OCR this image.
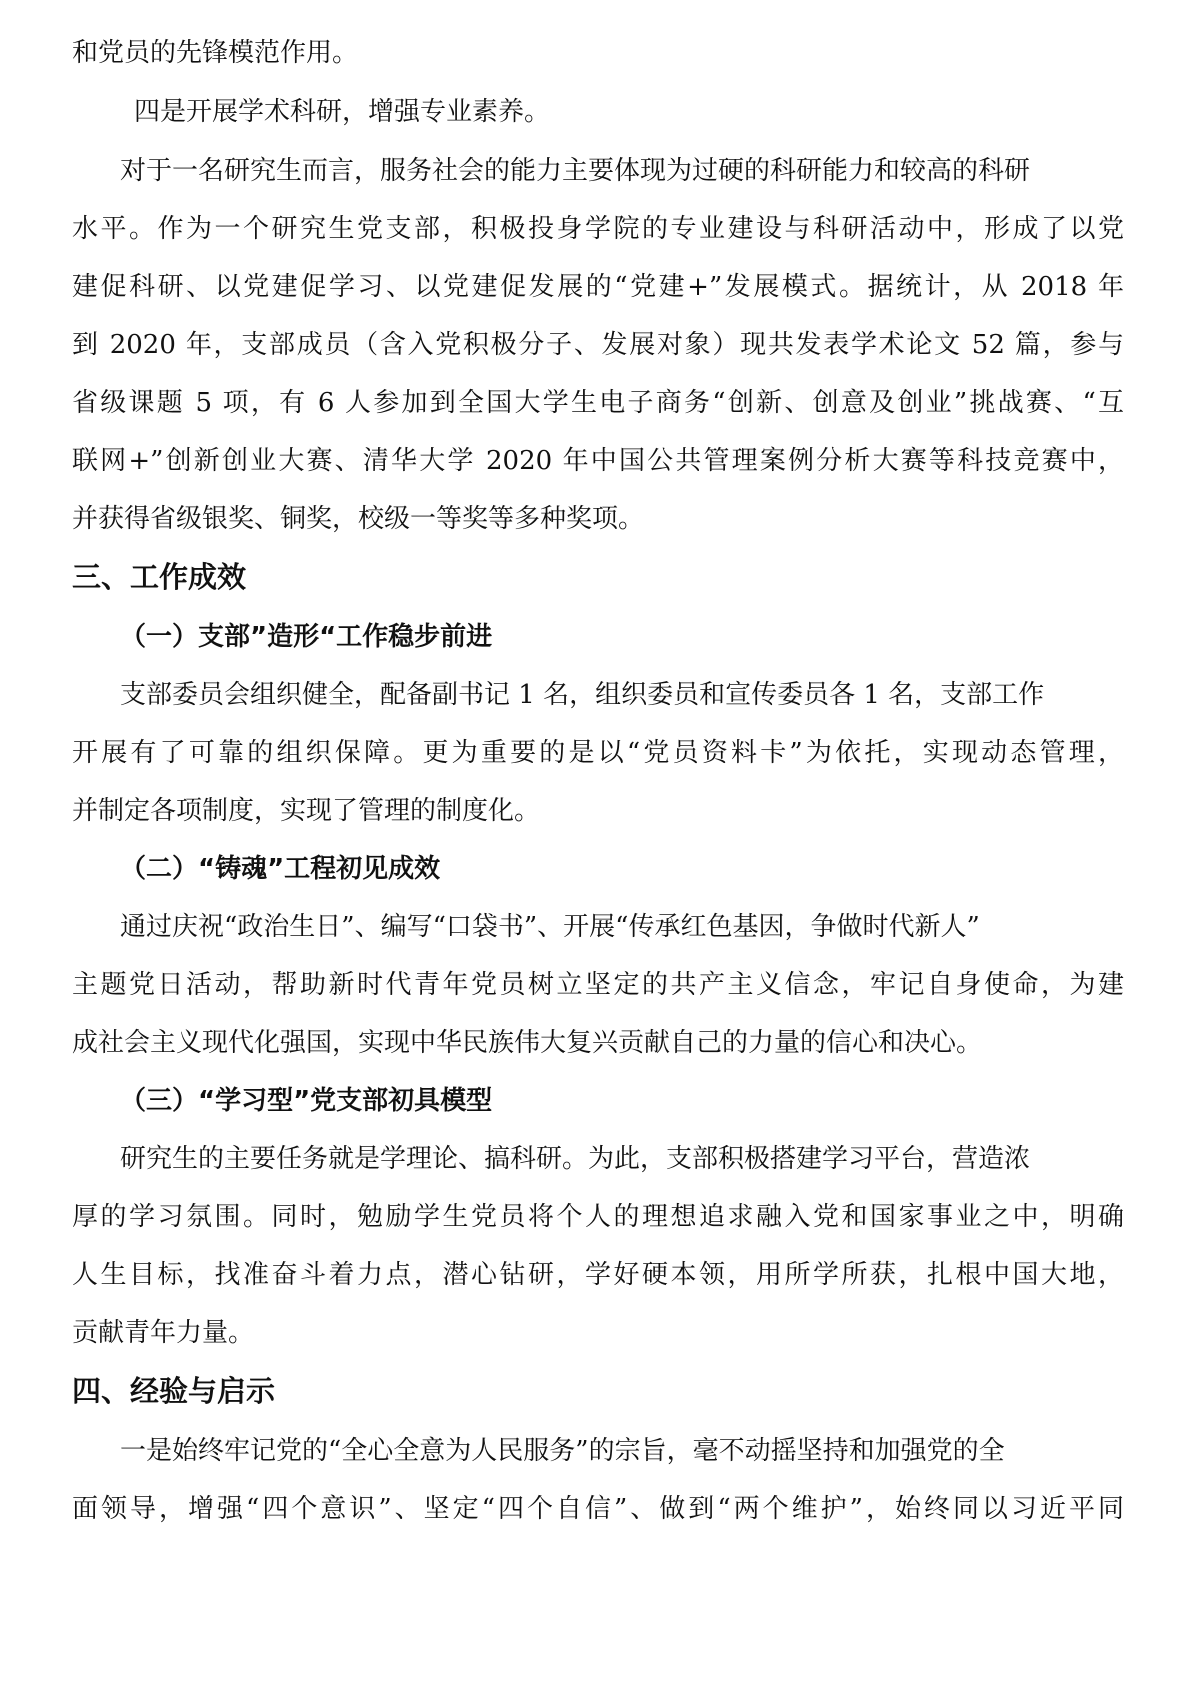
和党员的先锋模范作用。
四是开展学术科研，增强专业素养。
对于一名研究生而言，服务社会的能力主要体现为过硬的科研能力和较高的科研
水平。作为一个研究生党支部，积极投身学院的专业建设与科研活动中，形成了以党
建促科研、以党建促学习、以党建促发展的“党建+”发展模式。据统计，从 2018 年
到 2020 年，支部成员（含入党积极分子、发展对象）现共发表学术论文 52 篇，参与
省级课题 5 项，有 6 人参加到全国大学生电子商务“创新、创意及创业”挑战赛、“互
联网+”创新创业大赛、清华大学 2020 年中国公共管理案例分析大赛等科技竞赛中，
并获得省级银奖、铜奖，校级一等奖等多种奖项。
三、工作成效
（一）支部”造形“工作稳步前进
支部委员会组织健全，配备副书记 1 名，组织委员和宣传委员各 1 名，支部工作
开展有了可靠的组织保障。更为重要的是以“党员资料卡”为依托，实现动态管理，
并制定各项制度，实现了管理的制度化。
（二）“铸魂”工程初见成效
通过庆祝“政治生日”、编写“口袋书”、开展“传承红色基因，争做时代新人”
主题党日活动，帮助新时代青年党员树立坚定的共产主义信念，牢记自身使命，为建
成社会主义现代化强国，实现中华民族伟大复兴贡献自己的力量的信心和决心。
（三）“学习型”党支部初具模型
研究生的主要任务就是学理论、搞科研。为此，支部积极搭建学习平台，营造浓
厚的学习氛围。同时，勉励学生党员将个人的理想追求融入党和国家事业之中，明确
人生目标，找准奋斗着力点，潜心钻研，学好硬本领，用所学所获，扎根中国大地，
贡献青年力量。
四、经验与启示
一是始终牢记党的“全心全意为人民服务”的宗旨，毫不动摇坚持和加强党的全
面领导，增强“四个意识”、坚定“四个自信”、做到“两个维护”，始终同以习近平同
